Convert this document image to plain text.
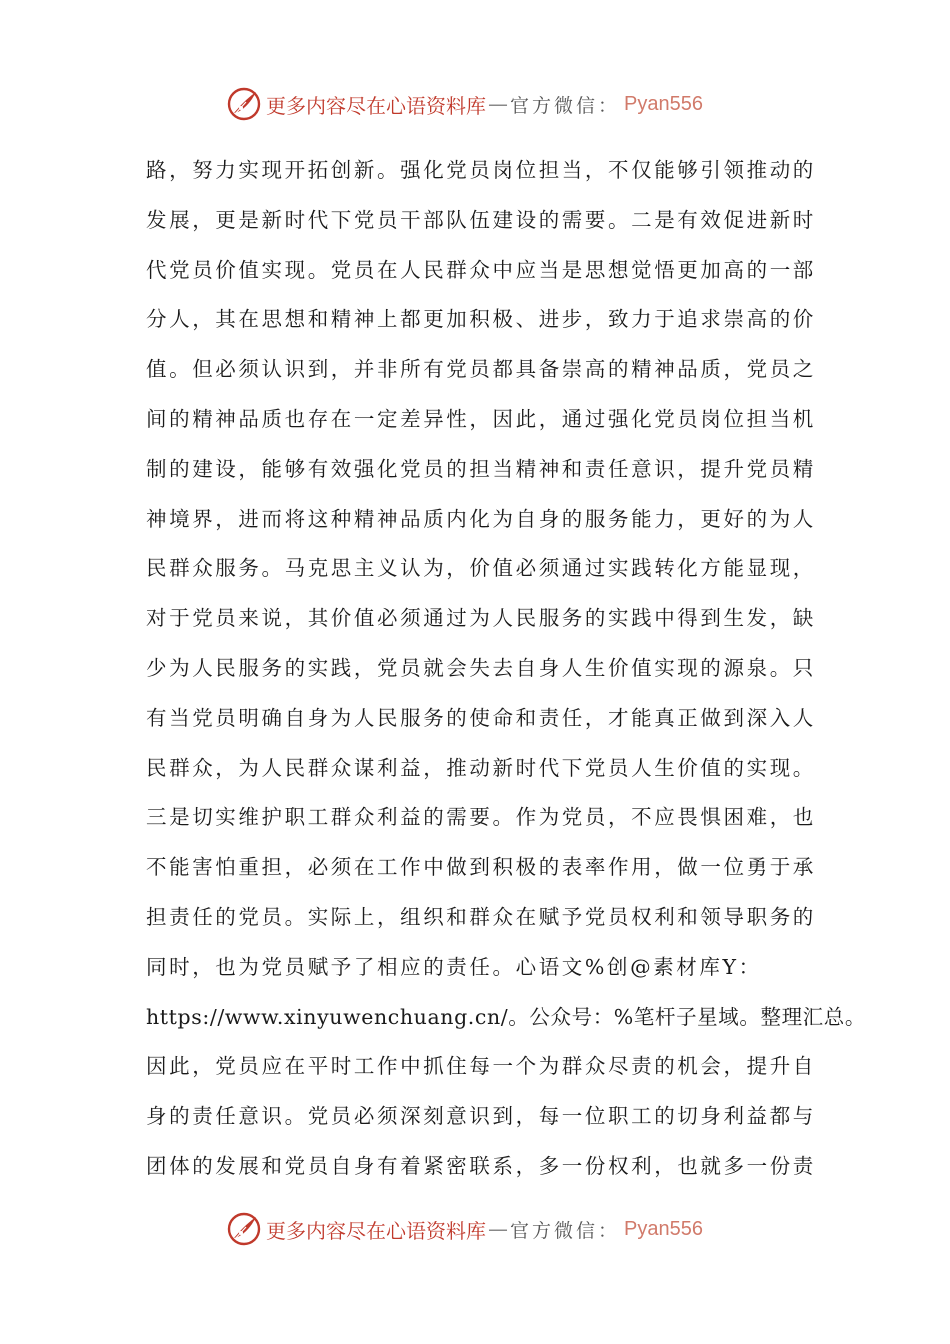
更多内容尽在心语资料库 — 官方微信： Pyan556
路，努力实现开拓创新。强化党员岗位担当，不仅能够引领推动的
发展，更是新时代下党员干部队伍建设的需要。二是有效促进新时
代党员价值实现。党员在人民群众中应当是思想觉悟更加高的一部
分人，其在思想和精神上都更加积极、进步，致力于追求崇高的价
值。但必须认识到，并非所有党员都具备崇高的精神品质，党员之
间的精神品质也存在一定差异性，因此，通过强化党员岗位担当机
制的建设，能够有效强化党员的担当精神和责任意识，提升党员精
神境界，进而将这种精神品质内化为自身的服务能力，更好的为人
民群众服务。马克思主义认为，价值必须通过实践转化方能显现，
对于党员来说，其价值必须通过为人民服务的实践中得到生发，缺
少为人民服务的实践，党员就会失去自身人生价值实现的源泉。只
有当党员明确自身为人民服务的使命和责任，才能真正做到深入人
民群众，为人民群众谋利益，推动新时代下党员人生价值的实现。
三是切实维护职工群众利益的需要。作为党员，不应畏惧困难，也
不能害怕重担，必须在工作中做到积极的表率作用，做一位勇于承
担责任的党员。实际上，组织和群众在赋予党员权利和领导职务的
同时，也为党员赋予了相应的责任。心语文%创@素材库Y：
https://www.xinyuwenchuang.cn/。公众号：%笔杆子星域。整理汇总。
因此，党员应在平时工作中抓住每一个为群众尽责的机会，提升自
身的责任意识。党员必须深刻意识到，每一位职工的切身利益都与
团体的发展和党员自身有着紧密联系，多一份权利，也就多一份责
更多内容尽在心语资料库 — 官方微信： Pyan556
